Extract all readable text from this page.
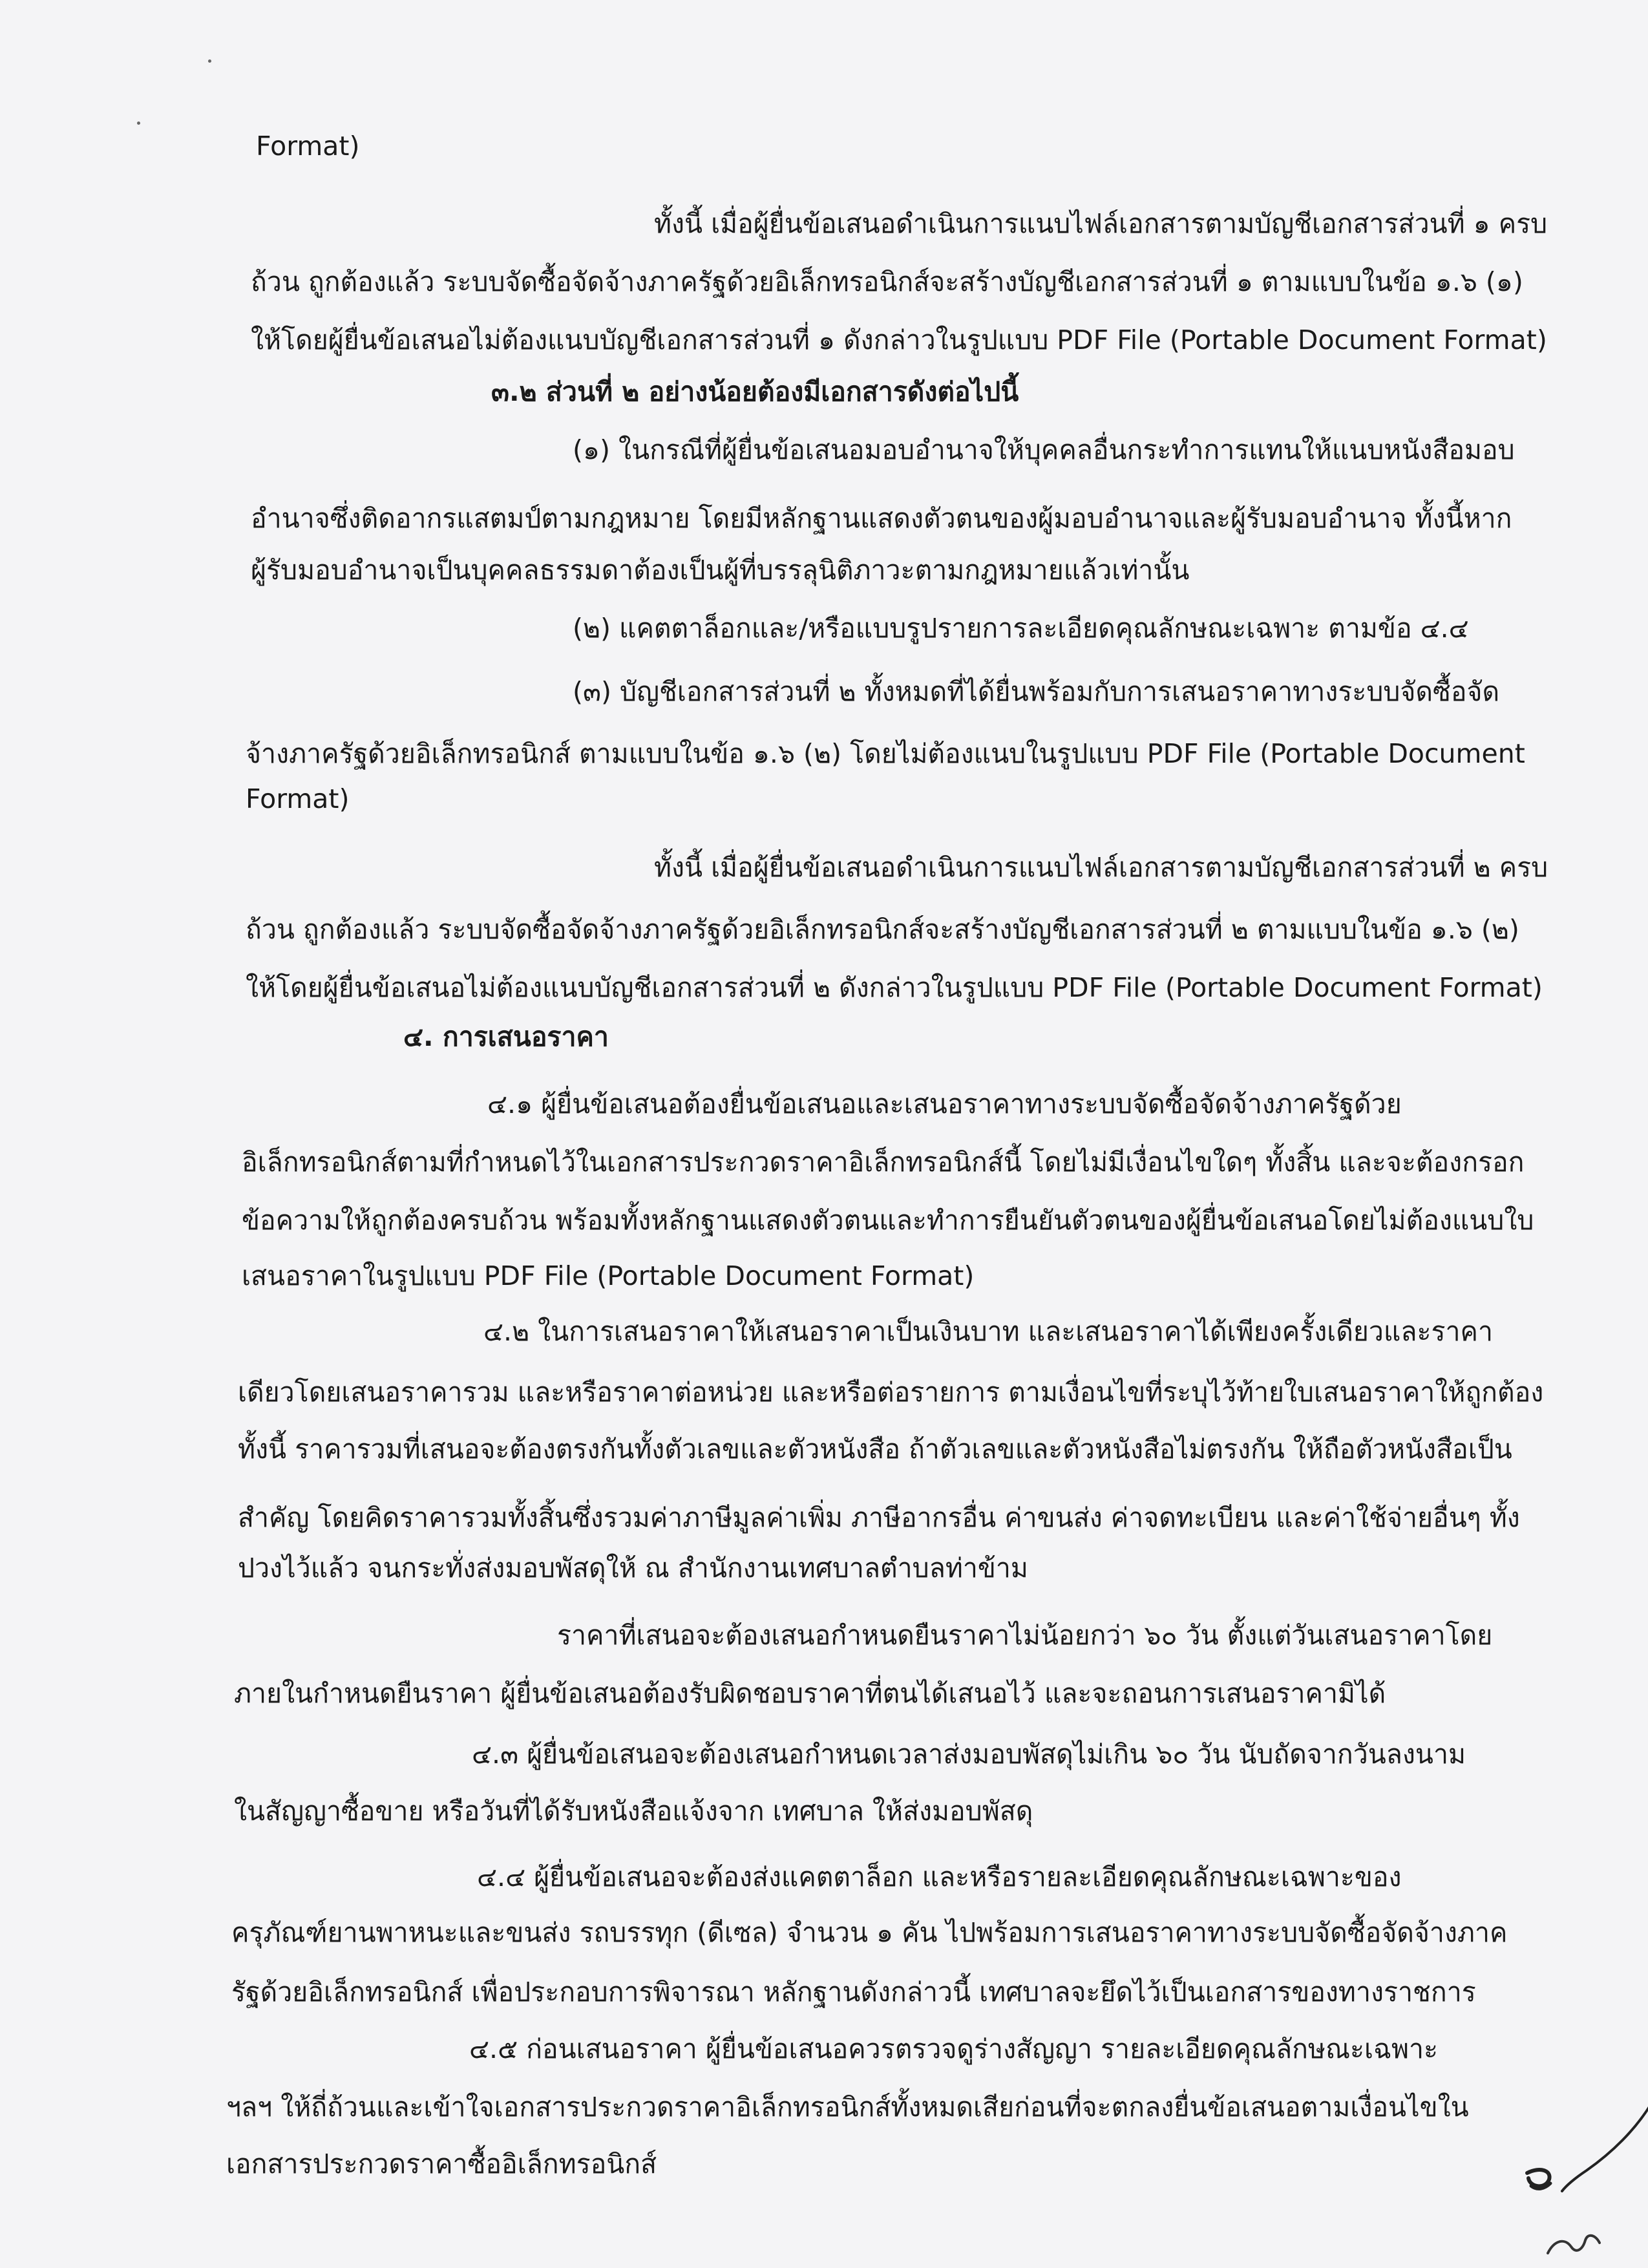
Format)
ทั้งนี้ เมื่อผู้ยื่นข้อเสนอดำเนินการแนบไฟล์เอกสารตามบัญชีเอกสารส่วนที่ ๑ ครบ
ถ้วน ถูกต้องแล้ว ระบบจัดซื้อจัดจ้างภาครัฐด้วยอิเล็กทรอนิกส์จะสร้างบัญชีเอกสารส่วนที่ ๑ ตามแบบในข้อ ๑.๖ (๑)
ให้โดยผู้ยื่นข้อเสนอไม่ต้องแนบบัญชีเอกสารส่วนที่ ๑ ดังกล่าวในรูปแบบ PDF File (Portable Document Format)
๓.๒ ส่วนที่ ๒ อย่างน้อยต้องมีเอกสารดังต่อไปนี้
(๑) ในกรณีที่ผู้ยื่นข้อเสนอมอบอำนาจให้บุคคลอื่นกระทำการแทนให้แนบหนังสือมอบ
อำนาจซึ่งติดอากรแสตมป์ตามกฎหมาย โดยมีหลักฐานแสดงตัวตนของผู้มอบอำนาจและผู้รับมอบอำนาจ ทั้งนี้หาก
ผู้รับมอบอำนาจเป็นบุคคลธรรมดาต้องเป็นผู้ที่บรรลุนิติภาวะตามกฎหมายแล้วเท่านั้น
(๒) แคตตาล็อกและ/หรือแบบรูปรายการละเอียดคุณลักษณะเฉพาะ ตามข้อ ๔.๔
(๓) บัญชีเอกสารส่วนที่ ๒ ทั้งหมดที่ได้ยื่นพร้อมกับการเสนอราคาทางระบบจัดซื้อจัด
จ้างภาครัฐด้วยอิเล็กทรอนิกส์ ตามแบบในข้อ ๑.๖ (๒) โดยไม่ต้องแนบในรูปแบบ PDF File (Portable Document
Format)
ทั้งนี้ เมื่อผู้ยื่นข้อเสนอดำเนินการแนบไฟล์เอกสารตามบัญชีเอกสารส่วนที่ ๒ ครบ
ถ้วน ถูกต้องแล้ว ระบบจัดซื้อจัดจ้างภาครัฐด้วยอิเล็กทรอนิกส์จะสร้างบัญชีเอกสารส่วนที่ ๒ ตามแบบในข้อ ๑.๖ (๒)
ให้โดยผู้ยื่นข้อเสนอไม่ต้องแนบบัญชีเอกสารส่วนที่ ๒ ดังกล่าวในรูปแบบ PDF File (Portable Document Format)
๔. การเสนอราคา
๔.๑ ผู้ยื่นข้อเสนอต้องยื่นข้อเสนอและเสนอราคาทางระบบจัดซื้อจัดจ้างภาครัฐด้วย
อิเล็กทรอนิกส์ตามที่กำหนดไว้ในเอกสารประกวดราคาอิเล็กทรอนิกส์นี้ โดยไม่มีเงื่อนไขใดๆ ทั้งสิ้น และจะต้องกรอก
ข้อความให้ถูกต้องครบถ้วน พร้อมทั้งหลักฐานแสดงตัวตนและทำการยืนยันตัวตนของผู้ยื่นข้อเสนอโดยไม่ต้องแนบใบ
เสนอราคาในรูปแบบ PDF File (Portable Document Format)
๔.๒ ในการเสนอราคาให้เสนอราคาเป็นเงินบาท และเสนอราคาได้เพียงครั้งเดียวและราคา
เดียวโดยเสนอราคารวม และหรือราคาต่อหน่วย และหรือต่อรายการ ตามเงื่อนไขที่ระบุไว้ท้ายใบเสนอราคาให้ถูกต้อง
ทั้งนี้ ราคารวมที่เสนอจะต้องตรงกันทั้งตัวเลขและตัวหนังสือ ถ้าตัวเลขและตัวหนังสือไม่ตรงกัน ให้ถือตัวหนังสือเป็น
สำคัญ โดยคิดราคารวมทั้งสิ้นซึ่งรวมค่าภาษีมูลค่าเพิ่ม ภาษีอากรอื่น ค่าขนส่ง ค่าจดทะเบียน และค่าใช้จ่ายอื่นๆ ทั้ง
ปวงไว้แล้ว จนกระทั่งส่งมอบพัสดุให้ ณ สำนักงานเทศบาลตำบลท่าข้าม
ราคาที่เสนอจะต้องเสนอกำหนดยืนราคาไม่น้อยกว่า ๖๐ วัน ตั้งแต่วันเสนอราคาโดย
ภายในกำหนดยืนราคา ผู้ยื่นข้อเสนอต้องรับผิดชอบราคาที่ตนได้เสนอไว้ และจะถอนการเสนอราคามิได้
๔.๓ ผู้ยื่นข้อเสนอจะต้องเสนอกำหนดเวลาส่งมอบพัสดุไม่เกิน ๖๐ วัน นับถัดจากวันลงนาม
ในสัญญาซื้อขาย หรือวันที่ได้รับหนังสือแจ้งจาก เทศบาล ให้ส่งมอบพัสดุ
๔.๔ ผู้ยื่นข้อเสนอจะต้องส่งแคตตาล็อก และหรือรายละเอียดคุณลักษณะเฉพาะของ
ครุภัณฑ์ยานพาหนะและขนส่ง รถบรรทุก (ดีเซล) จำนวน ๑ คัน ไปพร้อมการเสนอราคาทางระบบจัดซื้อจัดจ้างภาค
รัฐด้วยอิเล็กทรอนิกส์ เพื่อประกอบการพิจารณา หลักฐานดังกล่าวนี้ เทศบาลจะยึดไว้เป็นเอกสารของทางราชการ
๔.๕ ก่อนเสนอราคา ผู้ยื่นข้อเสนอควรตรวจดูร่างสัญญา รายละเอียดคุณลักษณะเฉพาะ
ฯลฯ ให้ถี่ถ้วนและเข้าใจเอกสารประกวดราคาอิเล็กทรอนิกส์ทั้งหมดเสียก่อนที่จะตกลงยื่นข้อเสนอตามเงื่อนไขใน
เอกสารประกวดราคาซื้ออิเล็กทรอนิกส์
